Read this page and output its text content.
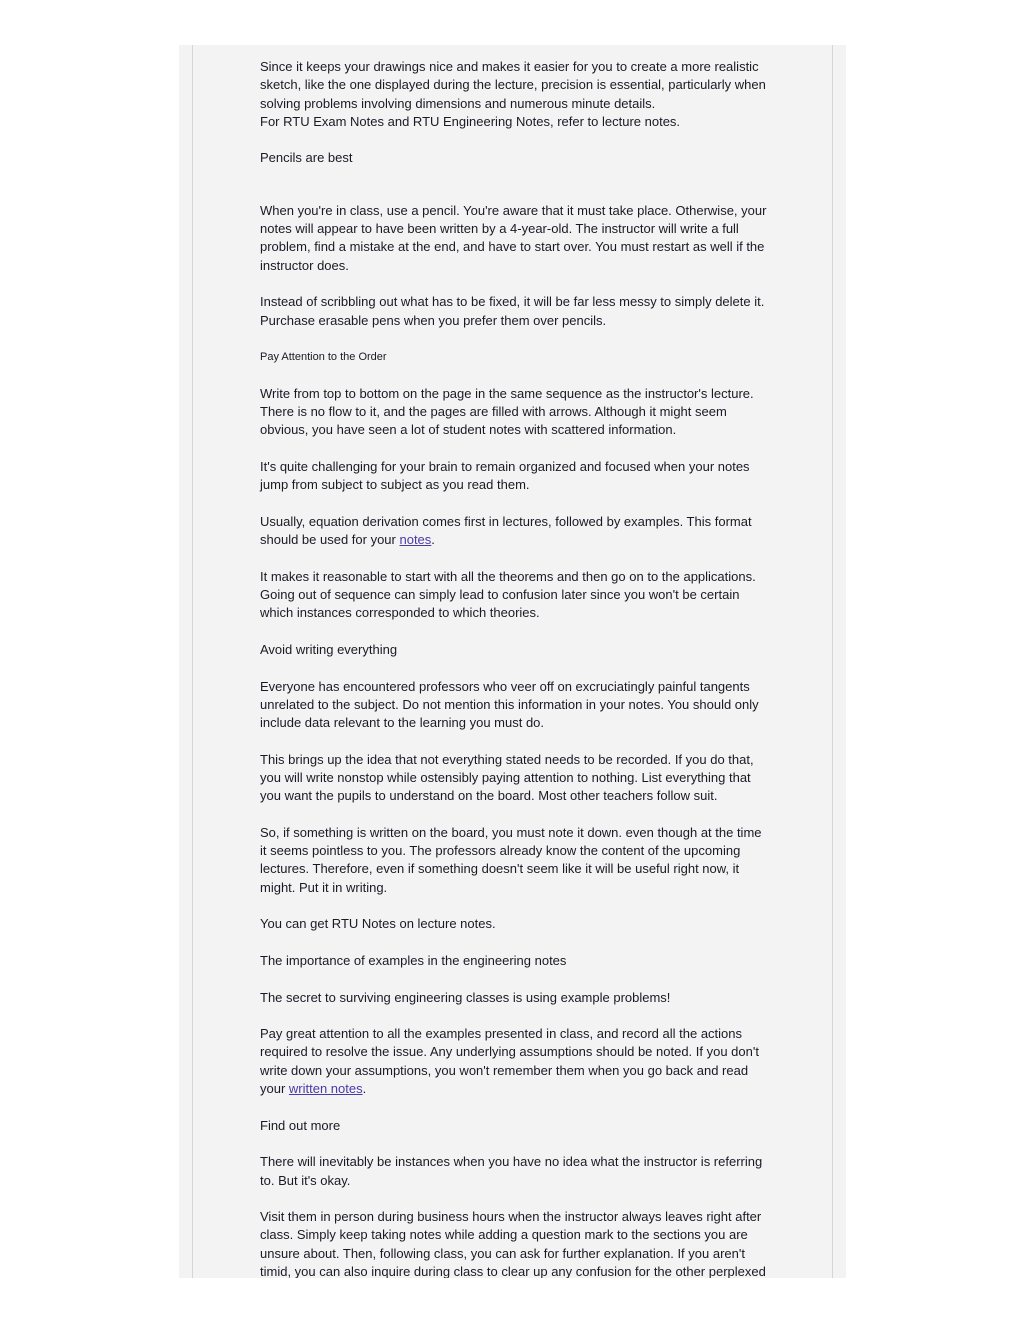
Since it keeps your drawings nice and makes it easier for you to create a more realistic sketch, like the one displayed during the lecture, precision is essential, particularly when solving problems involving dimensions and numerous minute details.
For RTU Exam Notes and RTU Engineering Notes, refer to lecture notes.

Pencils are best

When you're in class, use a pencil. You're aware that it must take place. Otherwise, your notes will appear to have been written by a 4-year-old. The instructor will write a full problem, find a mistake at the end, and have to start over. You must restart as well if the instructor does.

Instead of scribbling out what has to be fixed, it will be far less messy to simply delete it. Purchase erasable pens when you prefer them over pencils.

Pay Attention to the Order

Write from top to bottom on the page in the same sequence as the instructor's lecture. There is no flow to it, and the pages are filled with arrows. Although it might seem obvious, you have seen a lot of student notes with scattered information.

It's quite challenging for your brain to remain organized and focused when your notes jump from subject to subject as you read them.

Usually, equation derivation comes first in lectures, followed by examples. This format should be used for your notes.

It makes it reasonable to start with all the theorems and then go on to the applications. Going out of sequence can simply lead to confusion later since you won't be certain which instances corresponded to which theories.

Avoid writing everything

Everyone has encountered professors who veer off on excruciatingly painful tangents unrelated to the subject. Do not mention this information in your notes. You should only include data relevant to the learning you must do.

This brings up the idea that not everything stated needs to be recorded. If you do that, you will write nonstop while ostensibly paying attention to nothing. List everything that you want the pupils to understand on the board. Most other teachers follow suit.

So, if something is written on the board, you must note it down. even though at the time it seems pointless to you. The professors already know the content of the upcoming lectures. Therefore, even if something doesn't seem like it will be useful right now, it might. Put it in writing.

You can get RTU Notes on lecture notes.

The importance of examples in the engineering notes

The secret to surviving engineering classes is using example problems!

Pay great attention to all the examples presented in class, and record all the actions required to resolve the issue. Any underlying assumptions should be noted. If you don't write down your assumptions, you won't remember them when you go back and read your written notes.

Find out more

There will inevitably be instances when you have no idea what the instructor is referring to. But it's okay.

Visit them in person during business hours when the instructor always leaves right after class. Simply keep taking notes while adding a question mark to the sections you are unsure about. Then, following class, you can ask for further explanation. If you aren't timid, you can also inquire during class to clear up any confusion for the other perplexed
